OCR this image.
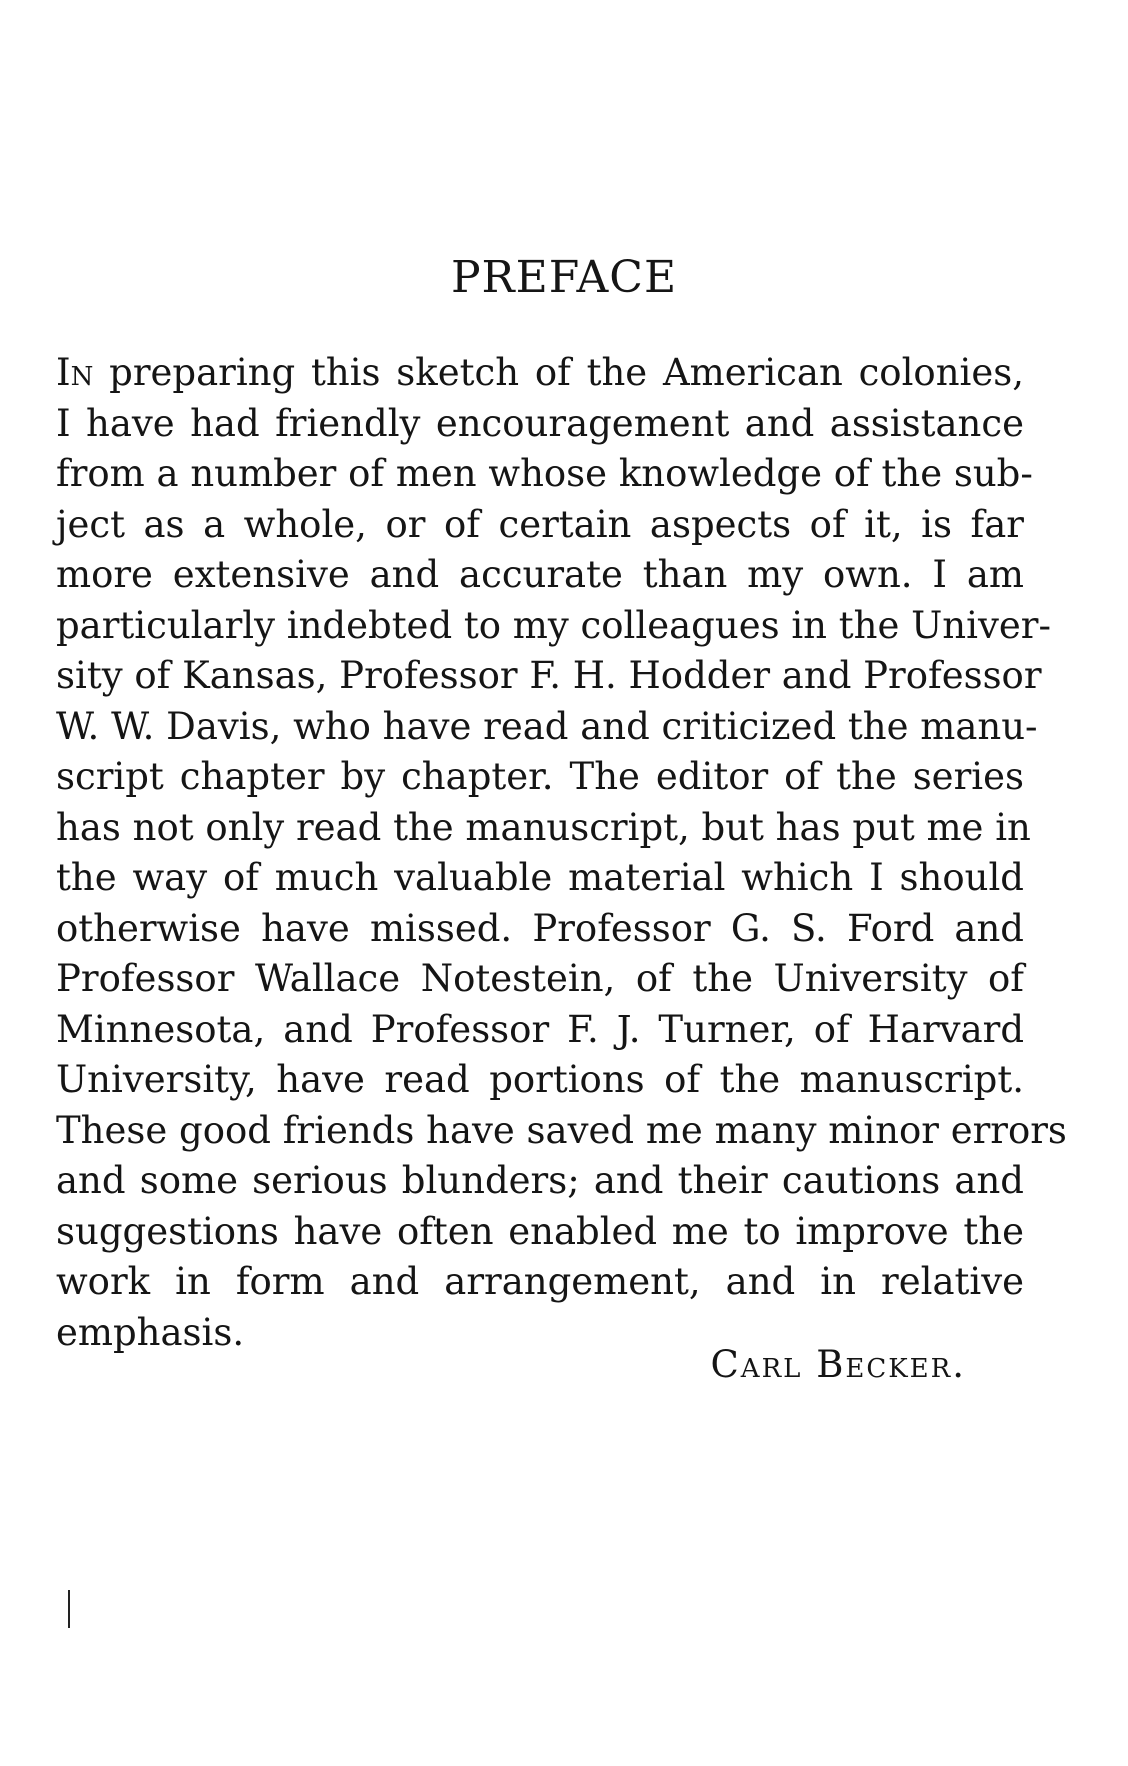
PREFACE
In preparing this sketch of the American colonies,
I have had friendly encouragement and assistance
from a number of men whose knowledge of the sub-
ject as a whole, or of certain aspects of it, is far
more extensive and accurate than my own. I am
particularly indebted to my colleagues in the Univer-
sity of Kansas, Professor F. H. Hodder and Professor
W. W. Davis, who have read and criticized the manu-
script chapter by chapter. The editor of the series
has not only read the manuscript, but has put me in
the way of much valuable material which I should
otherwise have missed. Professor G. S. Ford and
Professor Wallace Notestein, of the University of
Minnesota, and Professor F. J. Turner, of Harvard
University, have read portions of the manuscript.
These good friends have saved me many minor errors
and some serious blunders; and their cautions and
suggestions have often enabled me to improve the
work in form and arrangement, and in relative
emphasis.
Carl Becker.
